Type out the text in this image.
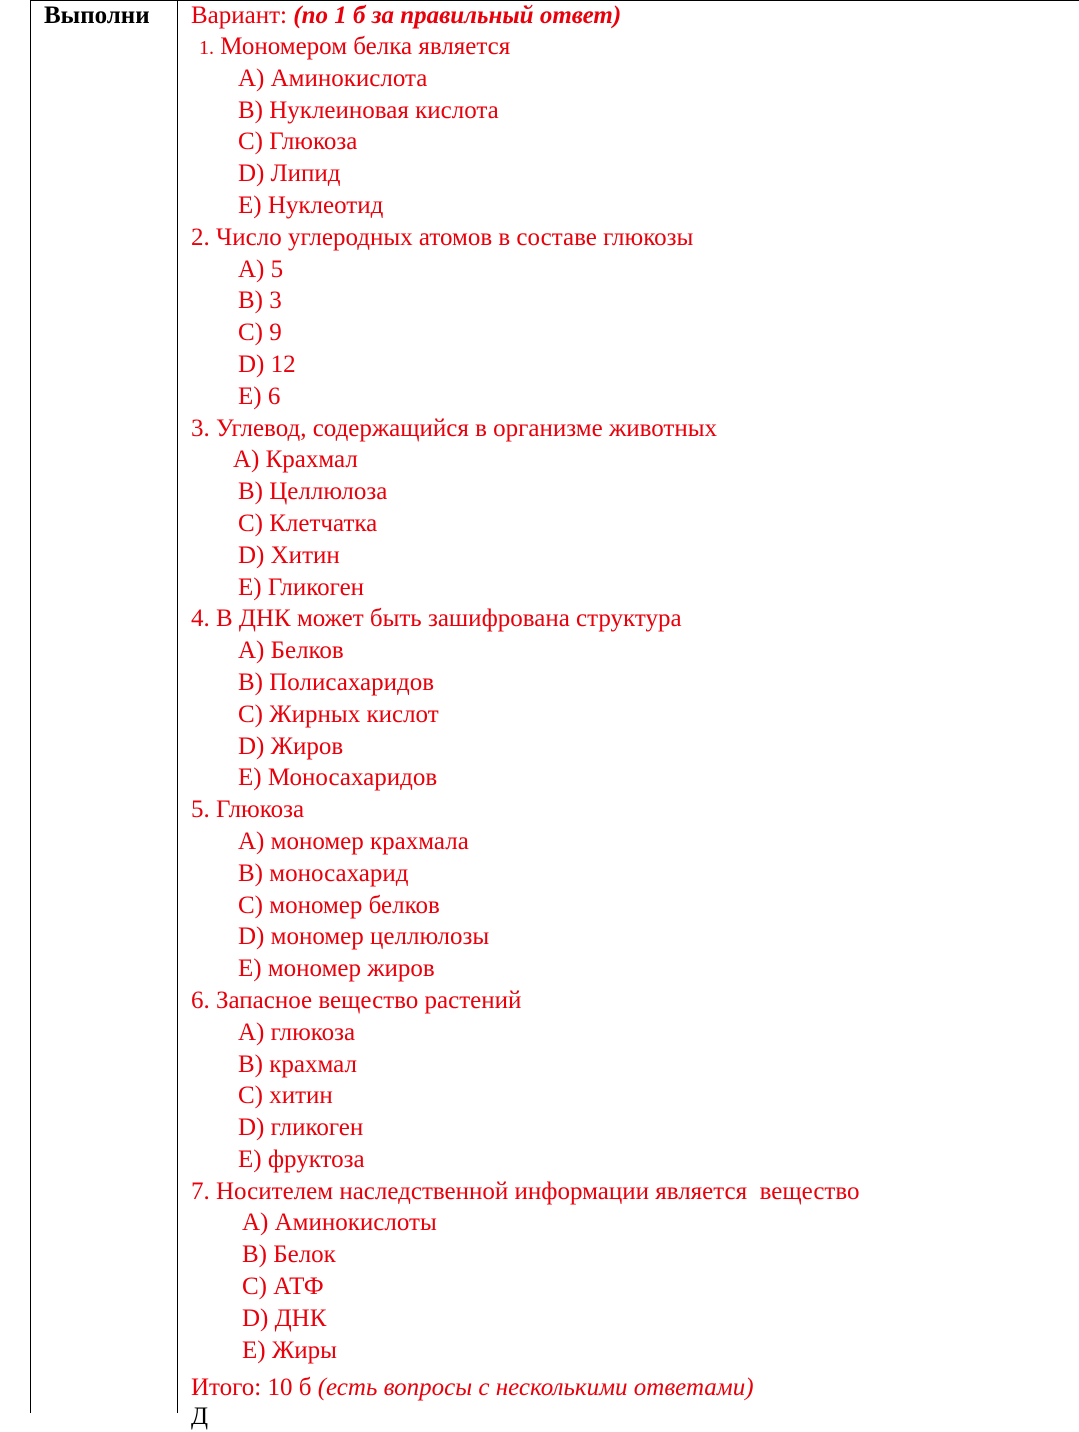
Выполни Вариант: (по 1 б за правильный ответ)
1. Мономером белка является
A) Аминокислота
B) Нуклеиновая кислота
C) Глюкоза
D) Липид
E) Нуклеотид
2. Число углеродных атомов в составе глюкозы
A) 5
B) 3
C) 9
D) 12
E) 6
3. Углевод, содержащийся в организме животных
A) Крахмал
B) Целлюлоза
C) Клетчатка
D) Хитин
E) Гликоген
4. В ДНК может быть зашифрована структура
A) Белков
B) Полисахаридов
C) Жирных кислот
D) Жиров
E) Моносахаридов
5. Глюкоза
A) мономер крахмала
B) моносахарид
C) мономер белков
D) мономер целлюлозы
E) мономер жиров
6. Запасное вещество растений
A) глюкоза
B) крахмал
C) хитин
D) гликоген
E) фруктоза
7. Носителем наследственной информации является  вещество
A) Аминокислоты
B) Белок
C) АТФ
D) ДНК
E) Жиры
Итого: 10 б (есть вопросы с несколькими ответами)
Д
